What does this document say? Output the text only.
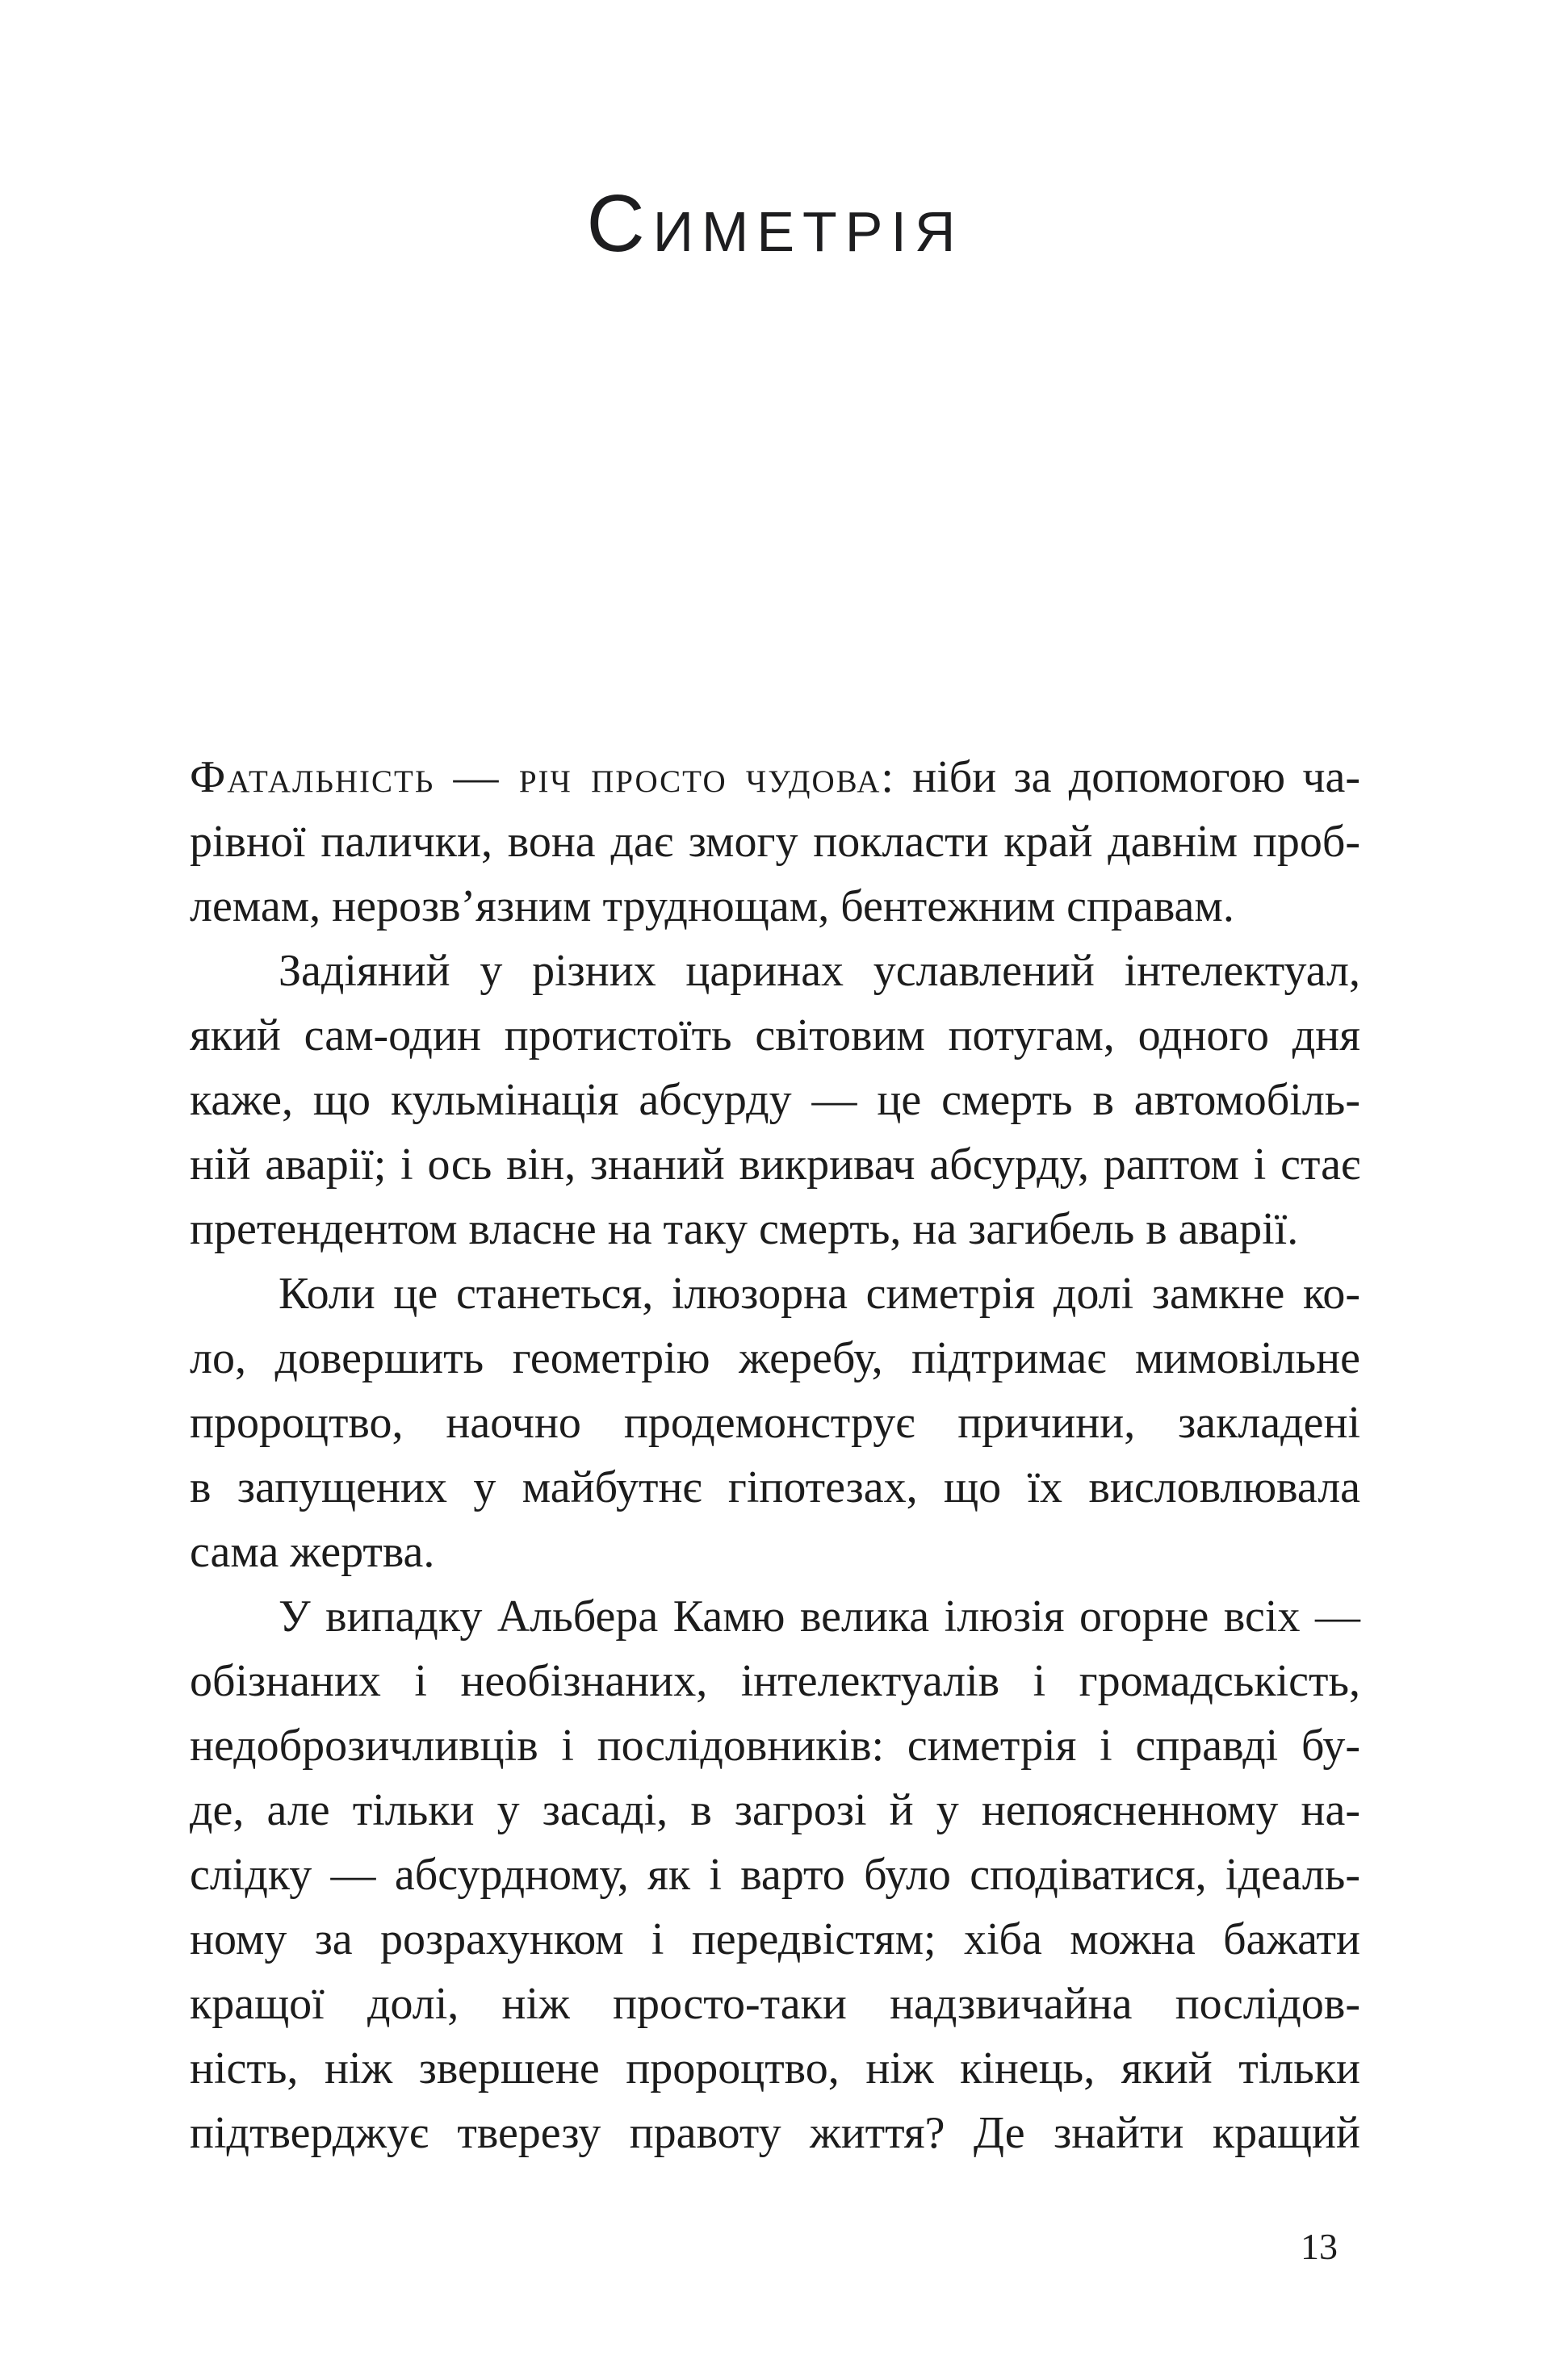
Симетрія
Фатальність — річ просто чудова: ніби за допомогою ча-
рівної палички, вона дає змогу покласти край давнім проб-
лемам, нерозв’язним труднощам, бентежним справам.
Задіяний у різних царинах уславлений інтелектуал,
який сам-один протистоїть світовим потугам, одного дня
каже, що кульмінація абсурду — це смерть в автомобіль-
ній аварії; і ось він, знаний викривач абсурду, раптом і стає
претендентом власне на таку смерть, на загибель в аварії.
Коли це станеться, ілюзорна симетрія долі замкне ко-
ло, довершить геометрію жеребу, підтримає мимовільне
пророцтво, наочно продемонструє причини, закладені
в запущених у майбутнє гіпотезах, що їх висловлювала
сама жертва.
У випадку Альбера Камю велика ілюзія огорне всіх —
обізнаних і необізнаних, інтелектуалів і громадськість,
недоброзичливців і послідовників: симетрія і справді бу-
де, але тільки у засаді, в загрозі й у непоясненному на-
слідку — абсурдному, як і варто було сподіватися, ідеаль-
ному за розрахунком і передвістям; хіба можна бажати
кращої долі, ніж просто-таки надзвичайна послідов-
ність, ніж звершене пророцтво, ніж кінець, який тільки
підтверджує тверезу правоту життя? Де знайти кращий
13
